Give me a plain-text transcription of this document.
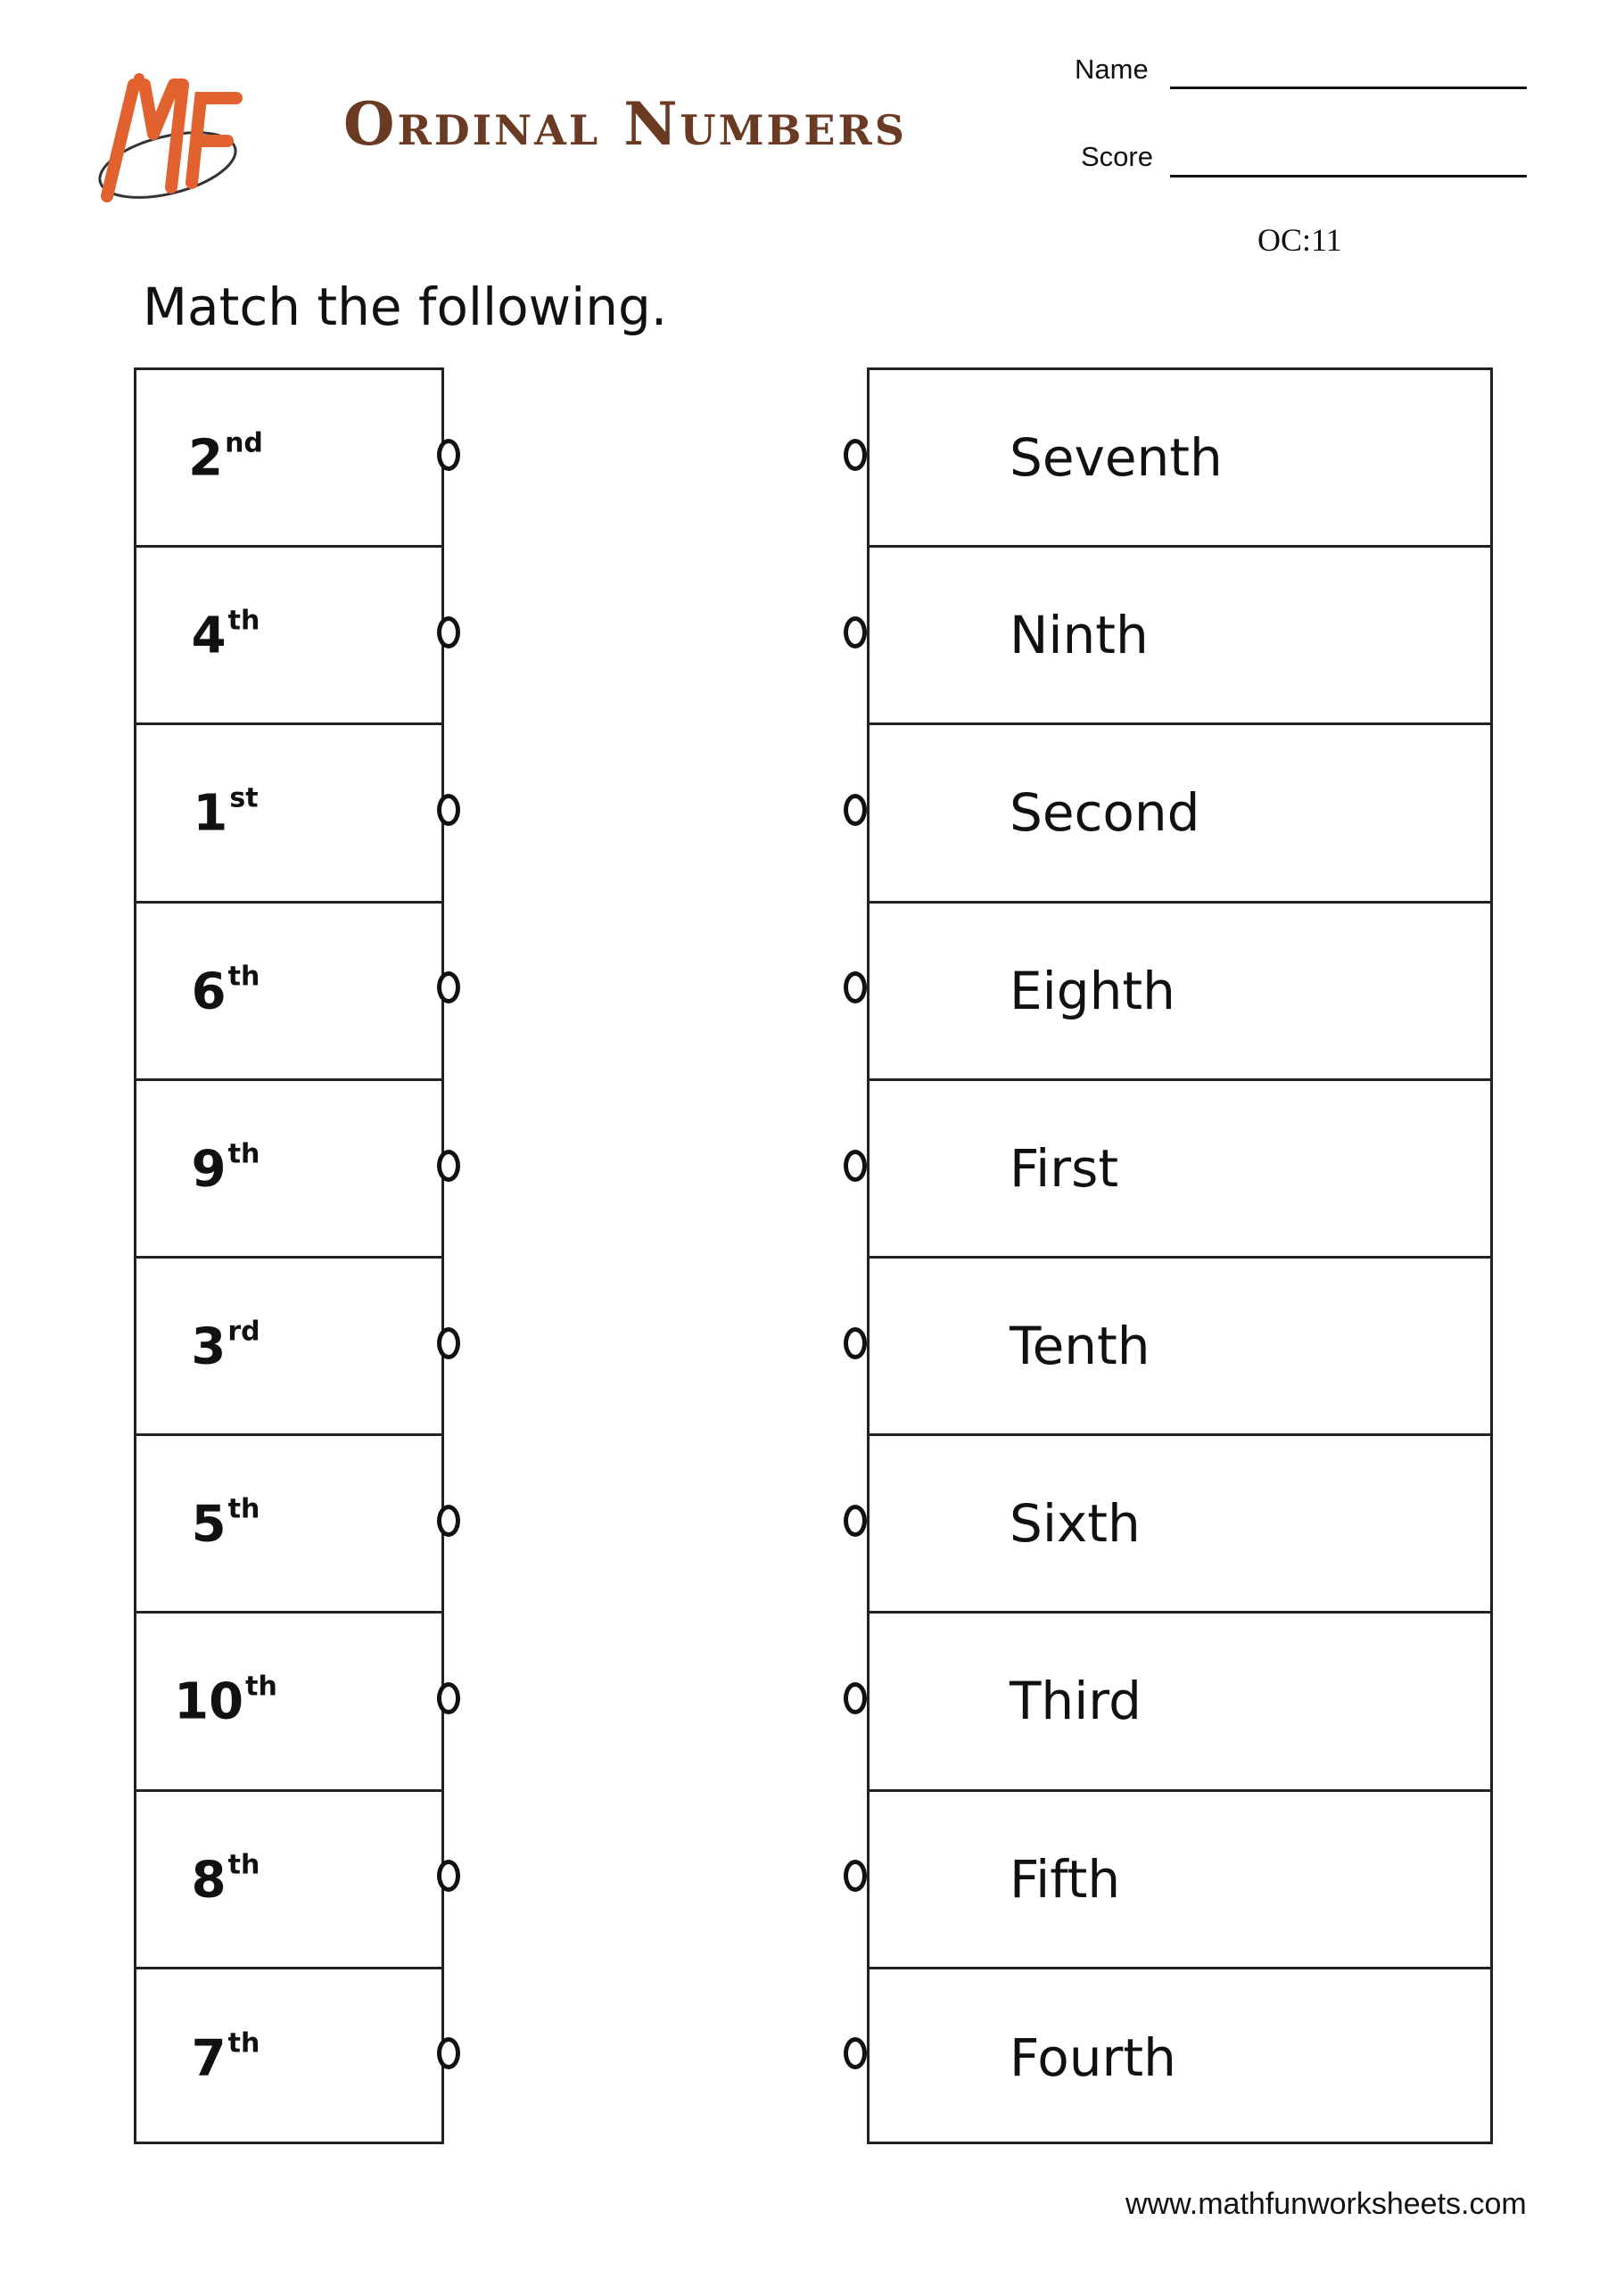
Ordinal Numbers
Name
Score
OC:11
Match the following.
2nd
4th
1st
6th
9th
3rd
5th
10th
8th
7th
Seventh
Ninth
Second
Eighth
First
Tenth
Sixth
Third
Fifth
Fourth
www.mathfunworksheets.com
